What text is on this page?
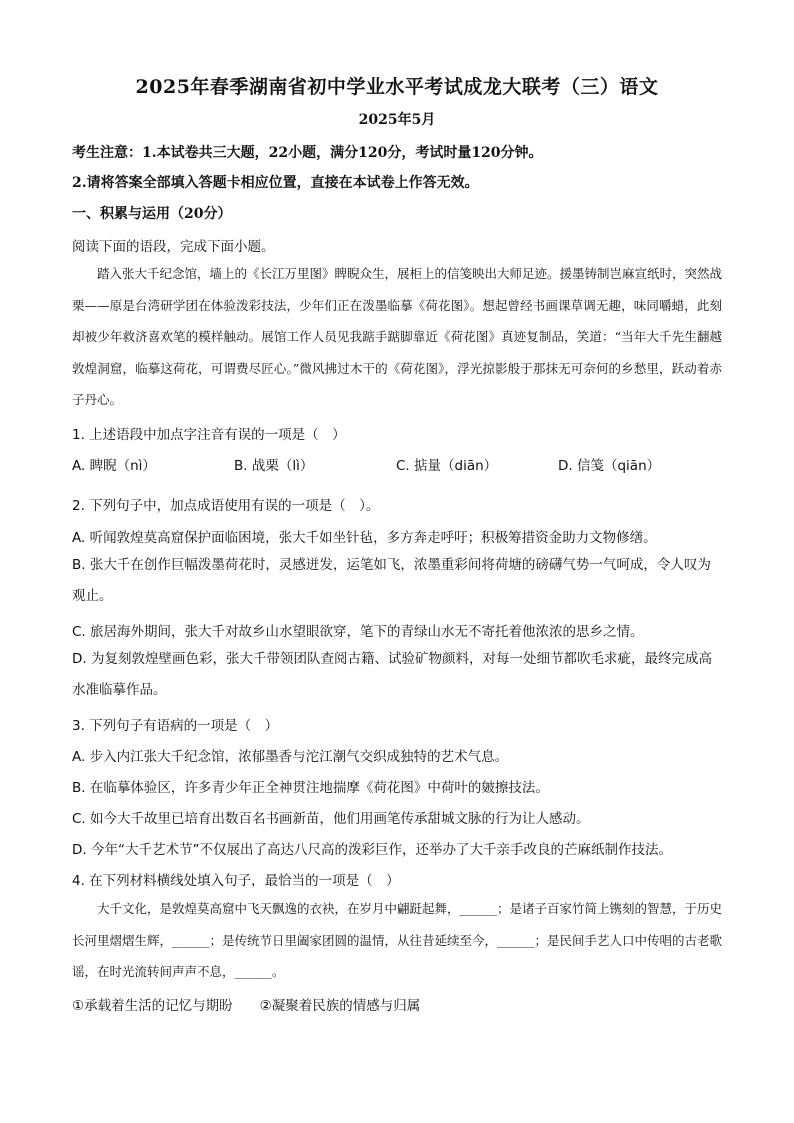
2025年春季湖南省初中学业水平考试成龙大联考（三）语文
2025年5月
考生注意：1.本试卷共三大题，22小题，满分120分，考试时量120分钟。
2.请将答案全部填入答题卡相应位置，直接在本试卷上作答无效。
一、积累与运用（20分）
阅读下面的语段，完成下面小题。
踏入张大千纪念馆，墙上的《长江万里图》睥睨众生，展柜上的信笺映出大师足迹。援墨铸制岂麻宣纸时，突然战栗——原是台湾研学团在体验泼彩技法，少年们正在泼墨临摹《荷花图》。想起曾经书画课草调无趣，味同嚼蜡，此刻却被少年救济喜欢笔的模样触动。展馆工作人员见我踮手踮脚靠近《荷花图》真迹复制品，笑道：“当年大千先生翻越敦煌洞窟，临摹这荷花，可谓费尽匠心。”微风拂过木干的《荷花图》，浮光掠影般于那抹无可奈何的乡愁里，跃动着赤子丹心。
1. 上述语段中加点字注音有误的一项是（　）
A. 睥睨（nì）	B. 战栗（lì）	C. 掂量（diān）	D. 信笺（qiān）
2. 下列句子中，加点成语使用有误的一项是（　）。
A. 听闻敦煌莫高窟保护面临困境，张大千如坐针毡，多方奔走呼吁；积极筹措资金助力文物修缮。
B. 张大千在创作巨幅泼墨荷花时，灵感迸发，运笔如飞，浓墨重彩间将荷塘的磅礴气势一气呵成，令人叹为观止。
C. 旅居海外期间，张大千对故乡山水望眼欲穿，笔下的青绿山水无不寄托着他浓浓的思乡之情。
D. 为复刻敦煌壁画色彩，张大千带领团队查阅古籍、试验矿物颜料，对每一处细节都吹毛求疵，最终完成高水准临摹作品。
3. 下列句子有语病的一项是（　）
A. 步入内江张大千纪念馆，浓郁墨香与沱江潮气交织成独特的艺术气息。
B. 在临摹体验区，许多青少年正全神贯注地揣摩《荷花图》中荷叶的皴擦技法。
C. 如今大千故里已培育出数百名书画新苗，他们用画笔传承甜城文脉的行为让人感动。
D. 今年“大千艺术节”不仅展出了高达八尺高的泼彩巨作，还举办了大千亲手改良的芒麻纸制作技法。
4. 在下列材料横线处填入句子，最恰当的一项是（　）
大千文化，是敦煌莫高窟中飞天飘逸的衣袂，在岁月中翩跹起舞，______；是诸子百家竹简上镌刻的智慧，于历史长河里熠熠生辉，______；是传统节日里阖家团圆的温情，从往昔延续至今，______；是民间手艺人口中传唱的古老歌谣，在时光流转间声声不息，______。
①承载着生活的记忆与期盼　　②凝聚着民族的情感与归属
